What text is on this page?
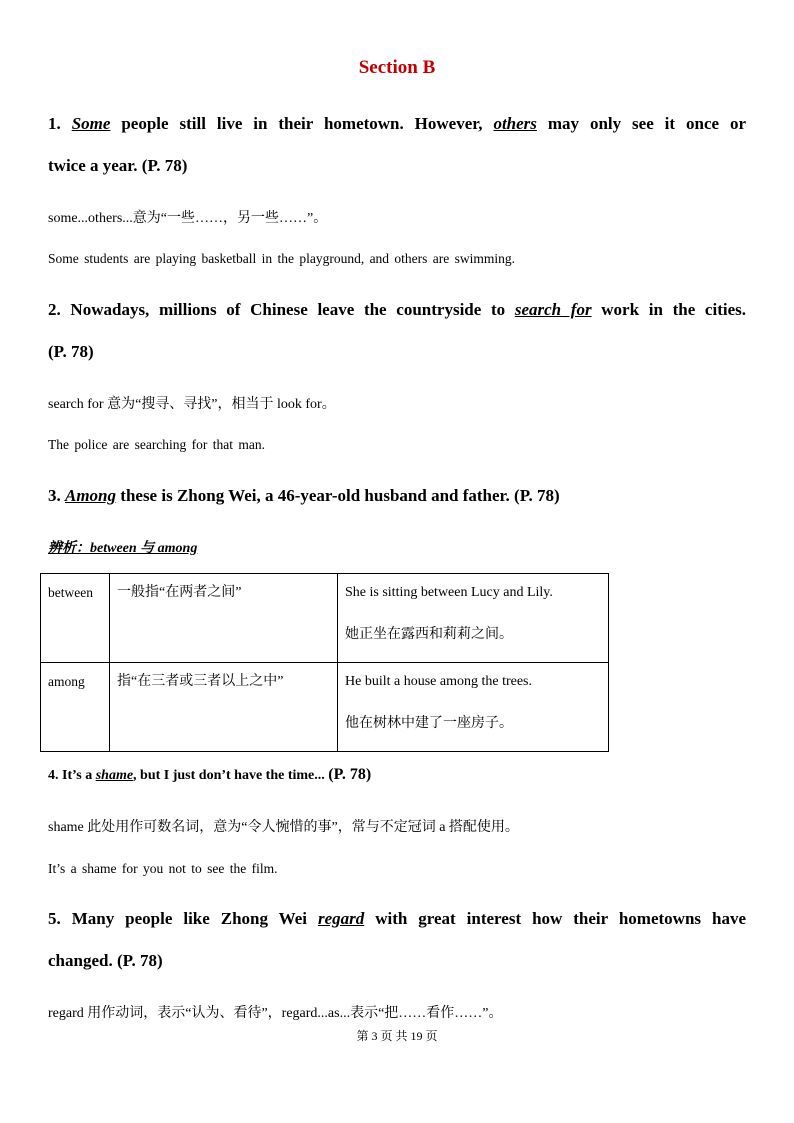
Section B
1. Some people still live in their hometown. However, others may only see it once or
twice a year. (P. 78)
some...others...意为“一些……，另一些……”。
Some students are playing basketball in the playground, and others are swimming.
2. Nowadays, millions of Chinese leave the countryside to search for work in the cities.
(P. 78)
search for 意为“搜寻、寻找”，相当于 look for。
The police are searching for that man.
3. Among these is Zhong Wei, a 46-year-old husband and father. (P. 78)
辨析：between 与 among
between	一般指“在两者之间”	She is sitting between Lucy and Lily.
她正坐在露西和莉莉之间。
among	指“在三者或三者以上之中”	He built a house among the trees.
他在树林中建了一座房子。
4. It’s a shame, but I just don’t have the time... (P. 78)
shame 此处用作可数名词，意为“令人惋惜的事”，常与不定冠词 a 搭配使用。
It’s a shame for you not to see the film.
5. Many people like Zhong Wei regard with great interest how their hometowns have
changed. (P. 78)
regard 用作动词，表示“认为、看待”，regard...as...表示“把……看作……”。
第 3 页 共 19 页
